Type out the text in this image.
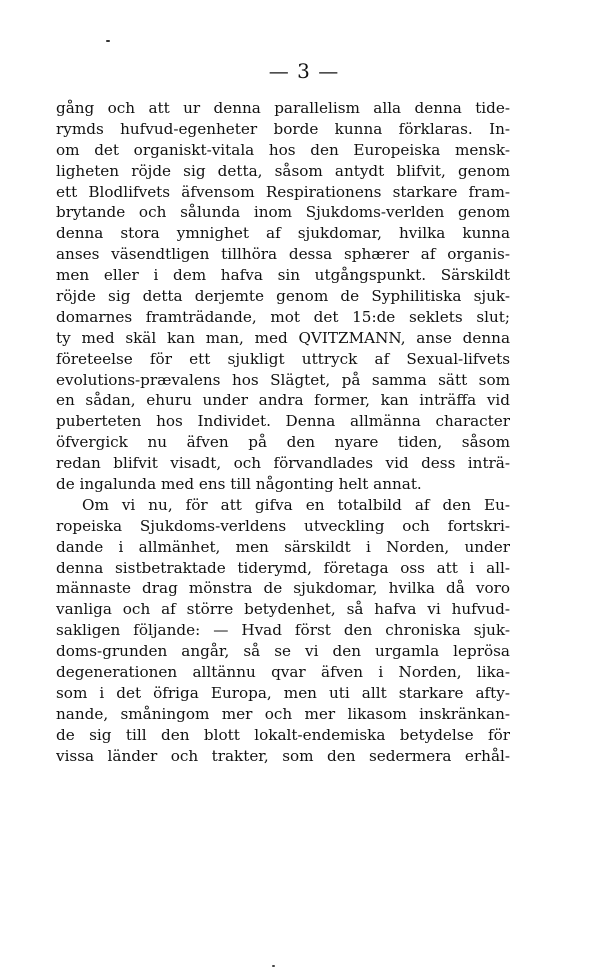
— 3 —
gång och att ur denna parallelism alla denna tide-
rymds hufvud-egenheter borde kunna förklaras. In-
om det organiskt-vitala hos den Europeiska mensk-
ligheten röjde sig detta, såsom antydt blifvit, genom
ett Blodlifvets äfvensom Respirationens starkare fram-
brytande och sålunda inom Sjukdoms-verlden genom
denna stora ymnighet af sjukdomar, hvilka kunna
anses väsendtligen tillhöra dessa sphærer af organis-
men eller i dem hafva sin utgångspunkt. Särskildt
röjde sig detta derjemte genom de Syphilitiska sjuk-
domarnes framträdande, mot det 15:de seklets slut;
ty med skäl kan man, med QVITZMANN, anse denna
företeelse för ett sjukligt uttryck af Sexual-lifvets
evolutions-prævalens hos Slägtet, på samma sätt som
en sådan, ehuru under andra former, kan inträffa vid
puberteten hos Individet. Denna allmänna character
öfvergick nu äfven på den nyare tiden, såsom
redan blifvit visadt, och förvandlades vid dess inträ-
de ingalunda med ens till någonting helt annat.
Om vi nu, för att gifva en totalbild af den Eu-
ropeiska Sjukdoms-verldens utveckling och fortskri-
dande i allmänhet, men särskildt i Norden, under
denna sistbetraktade tiderymd, företaga oss att i all-
männaste drag mönstra de sjukdomar, hvilka då voro
vanliga och af större betydenhet, så hafva vi hufvud-
sakligen följande: — Hvad först den chroniska sjuk-
doms-grunden angår, så se vi den urgamla leprösa
degenerationen alltännu qvar äfven i Norden, lika-
som i det öfriga Europa, men uti allt starkare afty-
nande, småningom mer och mer likasom inskränkan-
de sig till den blott lokalt-endemiska betydelse för
vissa länder och trakter, som den sedermera erhål-
